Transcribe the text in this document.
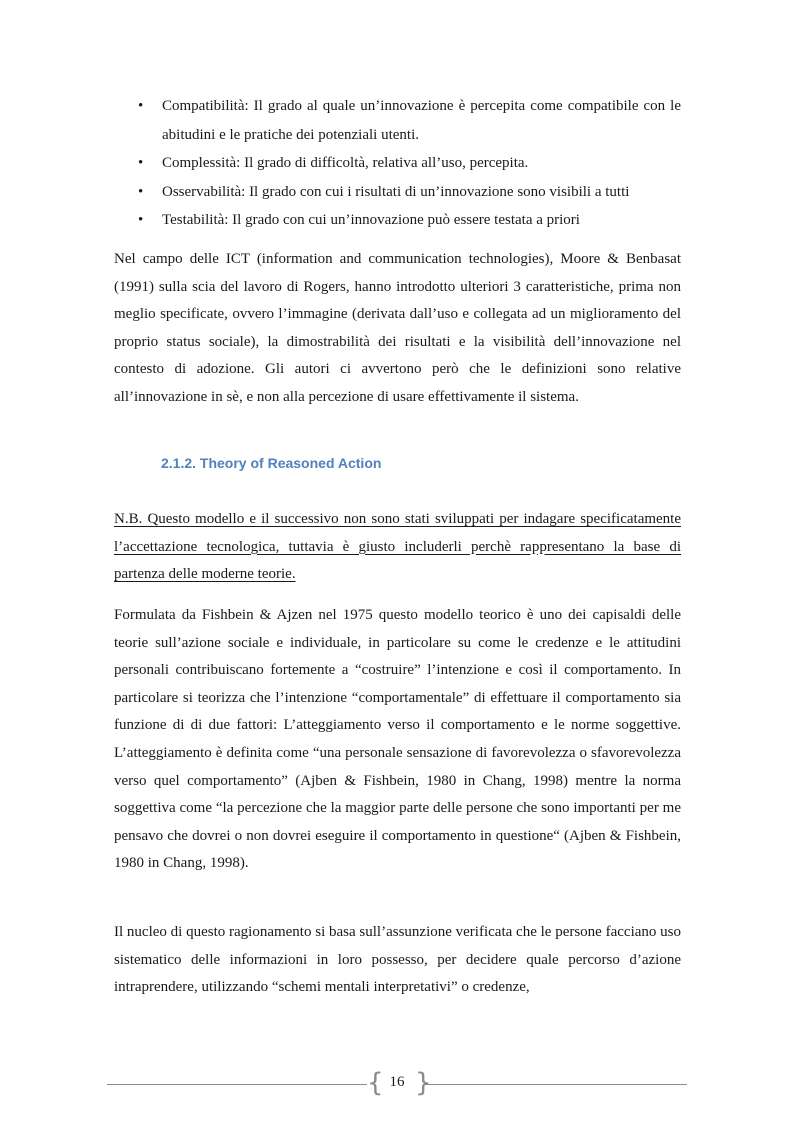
• Compatibilità: Il grado al quale un’innovazione è percepita come compatibile con le abitudini e le pratiche dei potenziali utenti.
• Complessità: Il grado di difficoltà, relativa all’uso, percepita.
• Osservabilità: Il grado con cui i risultati di un’innovazione sono visibili a tutti
• Testabilità: Il grado con cui un’innovazione può essere testata a priori

Nel campo delle ICT (information and communication technologies), Moore & Benbasat (1991) sulla scia del lavoro di Rogers, hanno introdotto ulteriori 3 caratteristiche, prima non meglio specificate, ovvero l’immagine (derivata dall’uso e collegata ad un miglioramento del proprio status sociale), la dimostrabilità dei risultati e la visibilità dell’innovazione nel contesto di adozione. Gli autori ci avvertono però che le definizioni sono relative all’innovazione in sè, e non alla percezione di usare effettivamente il sistema.

2.1.2. Theory of Reasoned Action

N.B. Questo modello e il successivo non sono stati sviluppati per indagare specificatamente l’accettazione tecnologica, tuttavia è giusto includerli perchè rappresentano la base di partenza delle moderne teorie.

Formulata da Fishbein & Ajzen nel 1975 questo modello teorico è uno dei capisaldi delle teorie sull’azione sociale e individuale, in particolare su come le credenze e le attitudini personali contribuiscano fortemente a “costruire” l’intenzione e così il comportamento. In particolare si teorizza che l’intenzione “comportamentale” di effettuare il comportamento sia funzione di di due fattori: L’atteggiamento verso il comportamento e le norme soggettive. L’atteggiamento è definita come “una personale sensazione di favorevolezza o sfavorevolezza verso quel comportamento” (Ajben & Fishbein, 1980 in Chang, 1998) mentre la norma soggettiva come “la percezione che la maggior parte delle persone che sono importanti per me pensavo che dovrei o non dovrei eseguire il comportamento in questione“ (Ajben & Fishbein, 1980 in Chang, 1998).

Il nucleo di questo ragionamento si basa sull’assunzione verificata che le persone facciano uso sistematico delle informazioni in loro possesso, per decidere quale percorso d’azione intraprendere, utilizzando “schemi mentali interpretativi” o credenze,

{ 16 }
